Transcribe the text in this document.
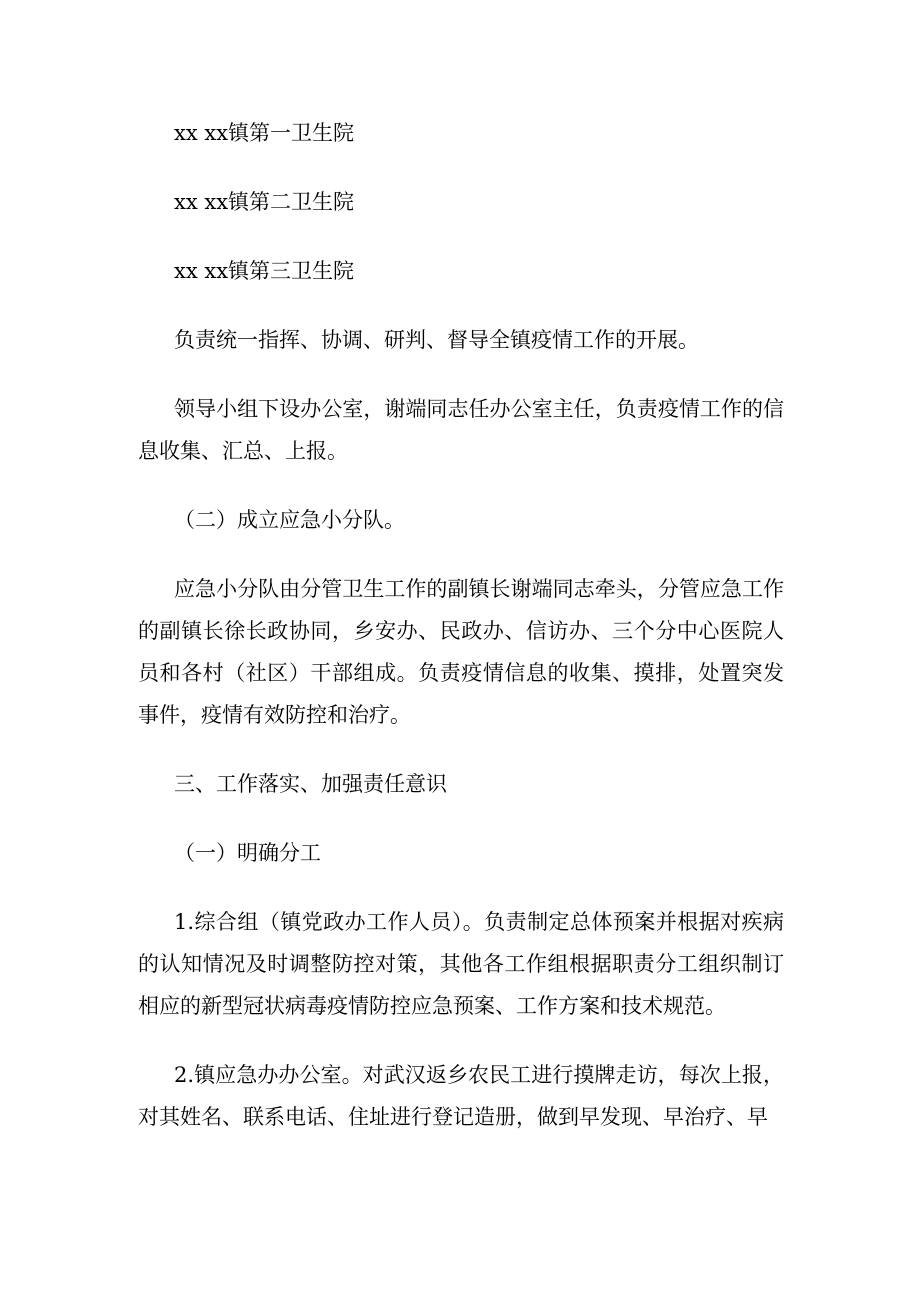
xx xx镇第一卫生院

xx xx镇第二卫生院

xx xx镇第三卫生院

负责统一指挥、协调、研判、督导全镇疫情工作的开展。

领导小组下设办公室，谢端同志任办公室主任，负责疫情工作的信息收集、汇总、上报。

（二）成立应急小分队。

应急小分队由分管卫生工作的副镇长谢端同志牵头，分管应急工作的副镇长徐长政协同，乡安办、民政办、信访办、三个分中心医院人员和各村（社区）干部组成。负责疫情信息的收集、摸排，处置突发事件，疫情有效防控和治疗。

三、工作落实、加强责任意识

（一）明确分工

1.综合组（镇党政办工作人员）。负责制定总体预案并根据对疾病的认知情况及时调整防控对策，其他各工作组根据职责分工组织制订相应的新型冠状病毒疫情防控应急预案、工作方案和技术规范。

2.镇应急办办公室。对武汉返乡农民工进行摸牌走访，每次上报，对其姓名、联系电话、住址进行登记造册，做到早发现、早治疗、早
